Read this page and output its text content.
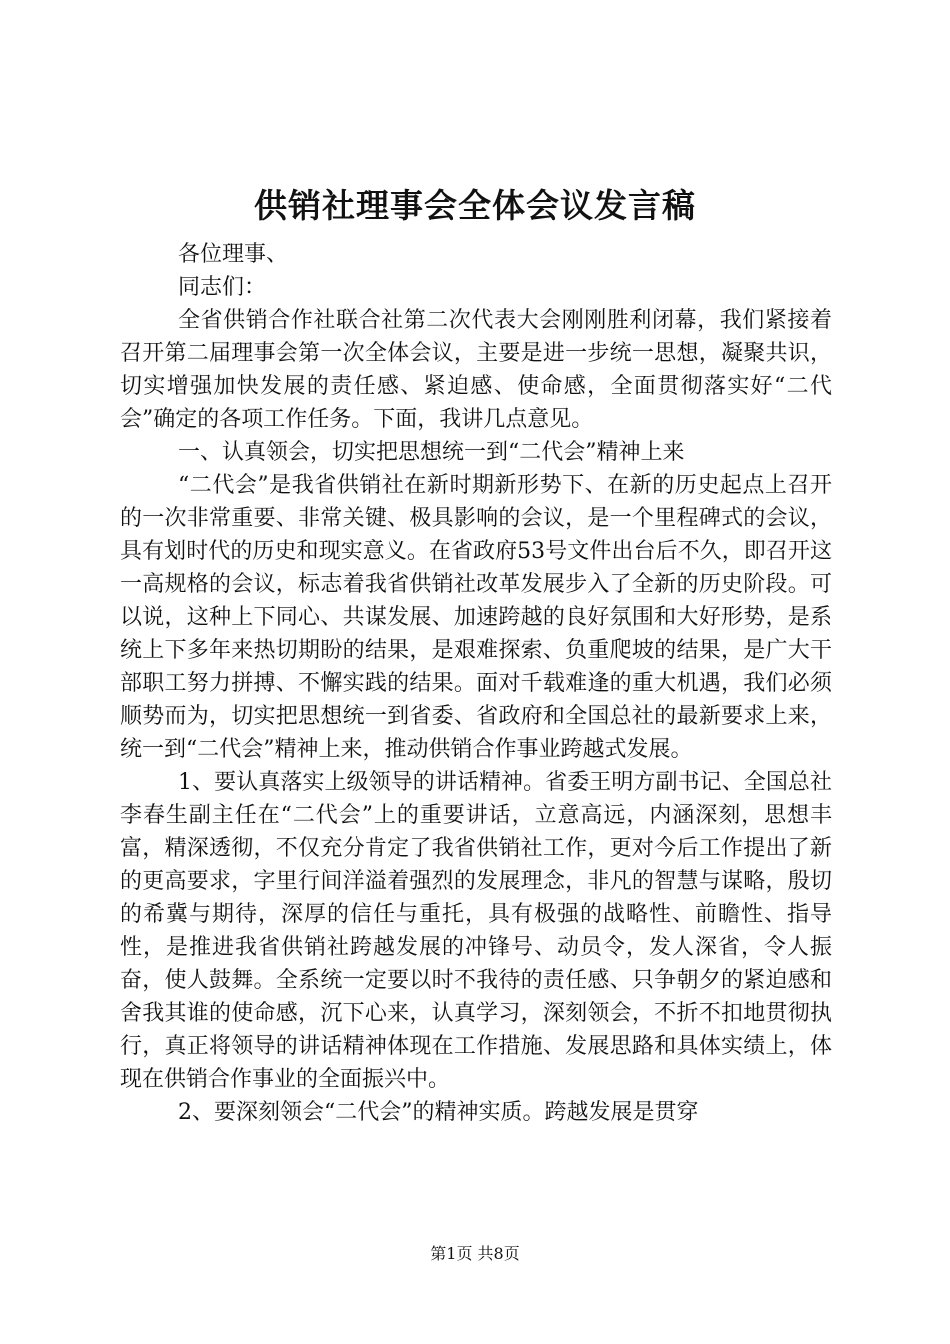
供销社理事会全体会议发言稿

各位理事、

同志们：

全省供销合作社联合社第二次代表大会刚刚胜利闭幕，我们紧接着召开第二届理事会第一次全体会议，主要是进一步统一思想，凝聚共识，切实增强加快发展的责任感、紧迫感、使命感，全面贯彻落实好“二代会”确定的各项工作任务。下面，我讲几点意见。

一、认真领会，切实把思想统一到“二代会”精神上来

“二代会”是我省供销社在新时期新形势下、在新的历史起点上召开的一次非常重要、非常关键、极具影响的会议，是一个里程碑式的会议，具有划时代的历史和现实意义。在省政府53号文件出台后不久，即召开这一高规格的会议，标志着我省供销社改革发展步入了全新的历史阶段。可以说，这种上下同心、共谋发展、加速跨越的良好氛围和大好形势，是系统上下多年来热切期盼的结果，是艰难探索、负重爬坡的结果，是广大干部职工努力拼搏、不懈实践的结果。面对千载难逢的重大机遇，我们必须顺势而为，切实把思想统一到省委、省政府和全国总社的最新要求上来，统一到“二代会”精神上来，推动供销合作事业跨越式发展。

1、要认真落实上级领导的讲话精神。省委王明方副书记、全国总社李春生副主任在“二代会”上的重要讲话，立意高远，内涵深刻，思想丰富，精深透彻，不仅充分肯定了我省供销社工作，更对今后工作提出了新的更高要求，字里行间洋溢着强烈的发展理念，非凡的智慧与谋略，殷切的希冀与期待，深厚的信任与重托，具有极强的战略性、前瞻性、指导性，是推进我省供销社跨越发展的冲锋号、动员令，发人深省，令人振奋，使人鼓舞。全系统一定要以时不我待的责任感、只争朝夕的紧迫感和舍我其谁的使命感，沉下心来，认真学习，深刻领会，不折不扣地贯彻执行，真正将领导的讲话精神体现在工作措施、发展思路和具体实绩上，体现在供销合作事业的全面振兴中。

2、要深刻领会“二代会”的精神实质。跨越发展是贯穿

第1页 共8页
